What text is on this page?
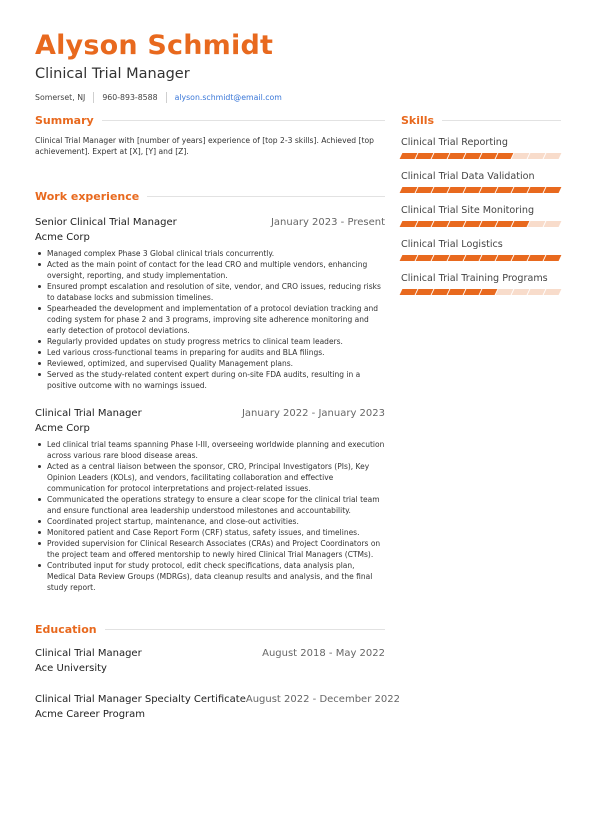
Alyson Schmidt
Clinical Trial Manager
Somerset, NJ 960-893-8588 alyson.schmidt@email.com
Summary
Clinical Trial Manager with [number of years] experience of [top 2-3 skills]. Achieved [top achievement]. Expert at [X], [Y] and [Z].
Work experience
Senior Clinical Trial Manager	January 2023 - Present
Acme Corp
Managed complex Phase 3 Global clinical trials concurrently.
Acted as the main point of contact for the lead CRO and multiple vendors, enhancing oversight, reporting, and study implementation.
Ensured prompt escalation and resolution of site, vendor, and CRO issues, reducing risks to database locks and submission timelines.
Spearheaded the development and implementation of a protocol deviation tracking and coding system for phase 2 and 3 programs, improving site adherence monitoring and early detection of protocol deviations.
Regularly provided updates on study progress metrics to clinical team leaders.
Led various cross-functional teams in preparing for audits and BLA filings.
Reviewed, optimized, and supervised Quality Management plans.
Served as the study-related content expert during on-site FDA audits, resulting in a positive outcome with no warnings issued.
Clinical Trial Manager	January 2022 - January 2023
Acme Corp
Led clinical trial teams spanning Phase I-III, overseeing worldwide planning and execution across various rare blood disease areas.
Acted as a central liaison between the sponsor, CRO, Principal Investigators (PIs), Key Opinion Leaders (KOLs), and vendors, facilitating collaboration and effective communication for protocol interpretations and project-related issues.
Communicated the operations strategy to ensure a clear scope for the clinical trial team and ensure functional area leadership understood milestones and accountability.
Coordinated project startup, maintenance, and close-out activities.
Monitored patient and Case Report Form (CRF) status, safety issues, and timelines.
Provided supervision for Clinical Research Associates (CRAs) and Project Coordinators on the project team and offered mentorship to newly hired Clinical Trial Managers (CTMs).
Contributed input for study protocol, edit check specifications, data analysis plan, Medical Data Review Groups (MDRGs), data cleanup results and analysis, and the final study report.
Education
Clinical Trial Manager	August 2018 - May 2022
Ace University
Clinical Trial Manager Specialty Certificate August 2022 - December 2022
Acme Career Program
Skills
Clinical Trial Reporting
Clinical Trial Data Validation
Clinical Trial Site Monitoring
Clinical Trial Logistics
Clinical Trial Training Programs
